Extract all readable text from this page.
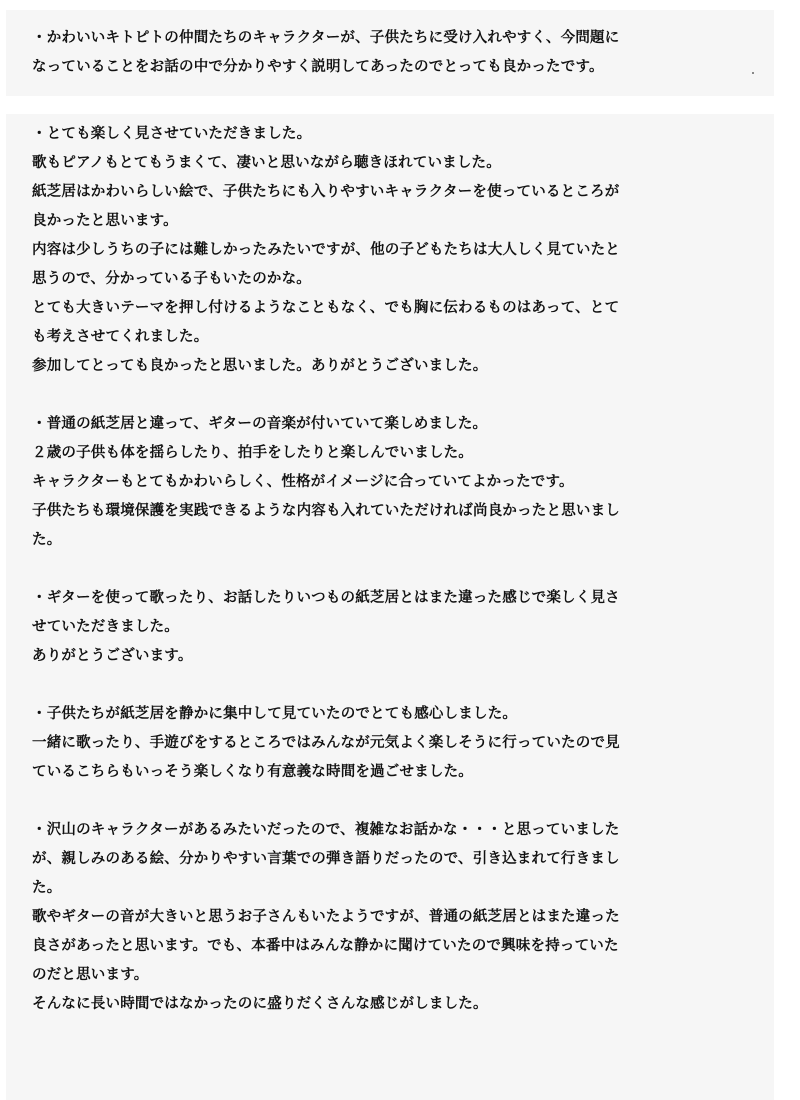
・かわいいキトピトの仲間たちのキャラクターが、子供たちに受け入れやすく、今問題に
なっていることをお話の中で分かりやすく説明してあったのでとっても良かったです。
・とても楽しく見させていただきました。
歌もピアノもとてもうまくて、凄いと思いながら聴きほれていました。
紙芝居はかわいらしい絵で、子供たちにも入りやすいキャラクターを使っているところが
良かったと思います。
内容は少しうちの子には難しかったみたいですが、他の子どもたちは大人しく見ていたと
思うので、分かっている子もいたのかな。
とても大きいテーマを押し付けるようなこともなく、でも胸に伝わるものはあって、とて
も考えさせてくれました。
参加してとっても良かったと思いました。ありがとうございました。
・普通の紙芝居と違って、ギターの音楽が付いていて楽しめました。
２歳の子供も体を揺らしたり、拍手をしたりと楽しんでいました。
キャラクターもとてもかわいらしく、性格がイメージに合っていてよかったです。
子供たちも環境保護を実践できるような内容も入れていただければ尚良かったと思いまし
た。
・ギターを使って歌ったり、お話したりいつもの紙芝居とはまた違った感じで楽しく見さ
せていただきました。
ありがとうございます。
・子供たちが紙芝居を静かに集中して見ていたのでとても感心しました。
一緒に歌ったり、手遊びをするところではみんなが元気よく楽しそうに行っていたので見
ているこちらもいっそう楽しくなり有意義な時間を過ごせました。
・沢山のキャラクターがあるみたいだったので、複雑なお話かな・・・と思っていました
が、親しみのある絵、分かりやすい言葉での弾き語りだったので、引き込まれて行きまし
た。
歌やギターの音が大きいと思うお子さんもいたようですが、普通の紙芝居とはまた違った
良さがあったと思います。でも、本番中はみんな静かに聞けていたので興味を持っていた
のだと思います。
そんなに長い時間ではなかったのに盛りだくさんな感じがしました。
